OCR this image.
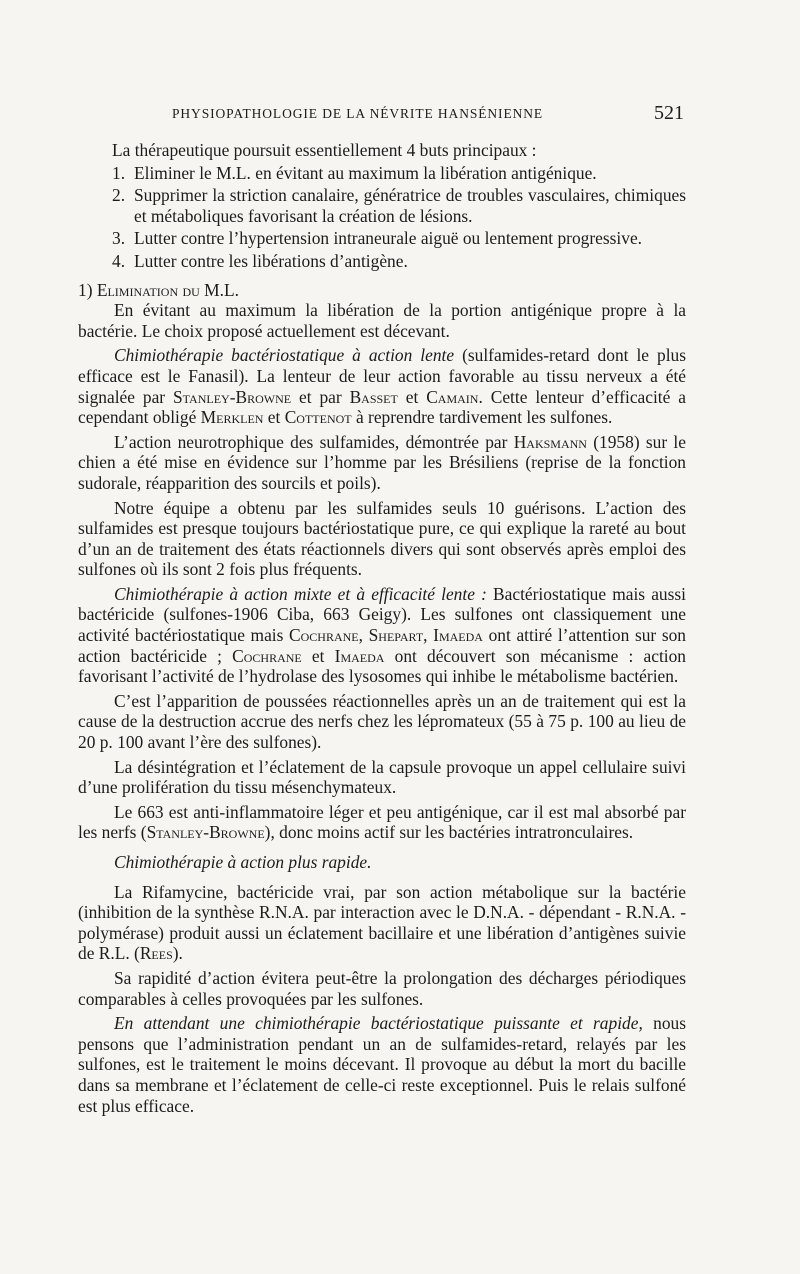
PHYSIOPATHOLOGIE DE LA NÉVRITE HANSÉNIENNE	521

La thérapeutique poursuit essentiellement 4 buts principaux :

1. Eliminer le M.L. en évitant au maximum la libération antigénique.
2. Supprimer la striction canalaire, génératrice de troubles vasculaires, chimiques et métaboliques favorisant la création de lésions.
3. Lutter contre l’hypertension intraneurale aiguë ou lentement progressive.
4. Lutter contre les libérations d’antigène.

1) Elimination du M.L.

En évitant au maximum la libération de la portion antigénique propre à la bactérie. Le choix proposé actuellement est décevant.

Chimiothérapie bactériostatique à action lente (sulfamides-retard dont le plus efficace est le Fanasil). La lenteur de leur action favorable au tissu nerveux a été signalée par Stanley-Browne et par Basset et Camain. Cette lenteur d’efficacité a cependant obligé Merklen et Cottenot à reprendre tardivement les sulfones.

L’action neurotrophique des sulfamides, démontrée par Haksmann (1958) sur le chien a été mise en évidence sur l’homme par les Brésiliens (reprise de la fonction sudorale, réapparition des sourcils et poils).

Notre équipe a obtenu par les sulfamides seuls 10 guérisons. L’action des sulfamides est presque toujours bactériostatique pure, ce qui explique la rareté au bout d’un an de traitement des états réactionnels divers qui sont observés après emploi des sulfones où ils sont 2 fois plus fréquents.

Chimiothérapie à action mixte et à efficacité lente : Bactériostatique mais aussi bactéricide (sulfones-1906 Ciba, 663 Geigy). Les sulfones ont classiquement une activité bactériostatique mais Cochrane, Shepart, Imaeda ont attiré l’attention sur son action bactéricide ; Cochrane et Imaeda ont découvert son mécanisme : action favorisant l’activité de l’hydrolase des lysosomes qui inhibe le métabolisme bactérien.

C’est l’apparition de poussées réactionnelles après un an de traitement qui est la cause de la destruction accrue des nerfs chez les lépromateux (55 à 75 p. 100 au lieu de 20 p. 100 avant l’ère des sulfones).

La désintégration et l’éclatement de la capsule provoque un appel cellulaire suivi d’une prolifération du tissu mésenchymateux.

Le 663 est anti-inflammatoire léger et peu antigénique, car il est mal absorbé par les nerfs (Stanley-Browne), donc moins actif sur les bactéries intratronculaires.

Chimiothérapie à action plus rapide.

La Rifamycine, bactéricide vrai, par son action métabolique sur la bactérie (inhibition de la synthèse R.N.A. par interaction avec le D.N.A. - dépendant - R.N.A. - polymérase) produit aussi un éclatement bacillaire et une libération d’antigènes suivie de R.L. (Rees).

Sa rapidité d’action évitera peut-être la prolongation des décharges périodiques comparables à celles provoquées par les sulfones.

En attendant une chimiothérapie bactériostatique puissante et rapide, nous pensons que l’administration pendant un an de sulfamides-retard, relayés par les sulfones, est le traitement le moins décevant. Il provoque au début la mort du bacille dans sa membrane et l’éclatement de celle-ci reste exceptionnel. Puis le relais sulfoné est plus efficace.
